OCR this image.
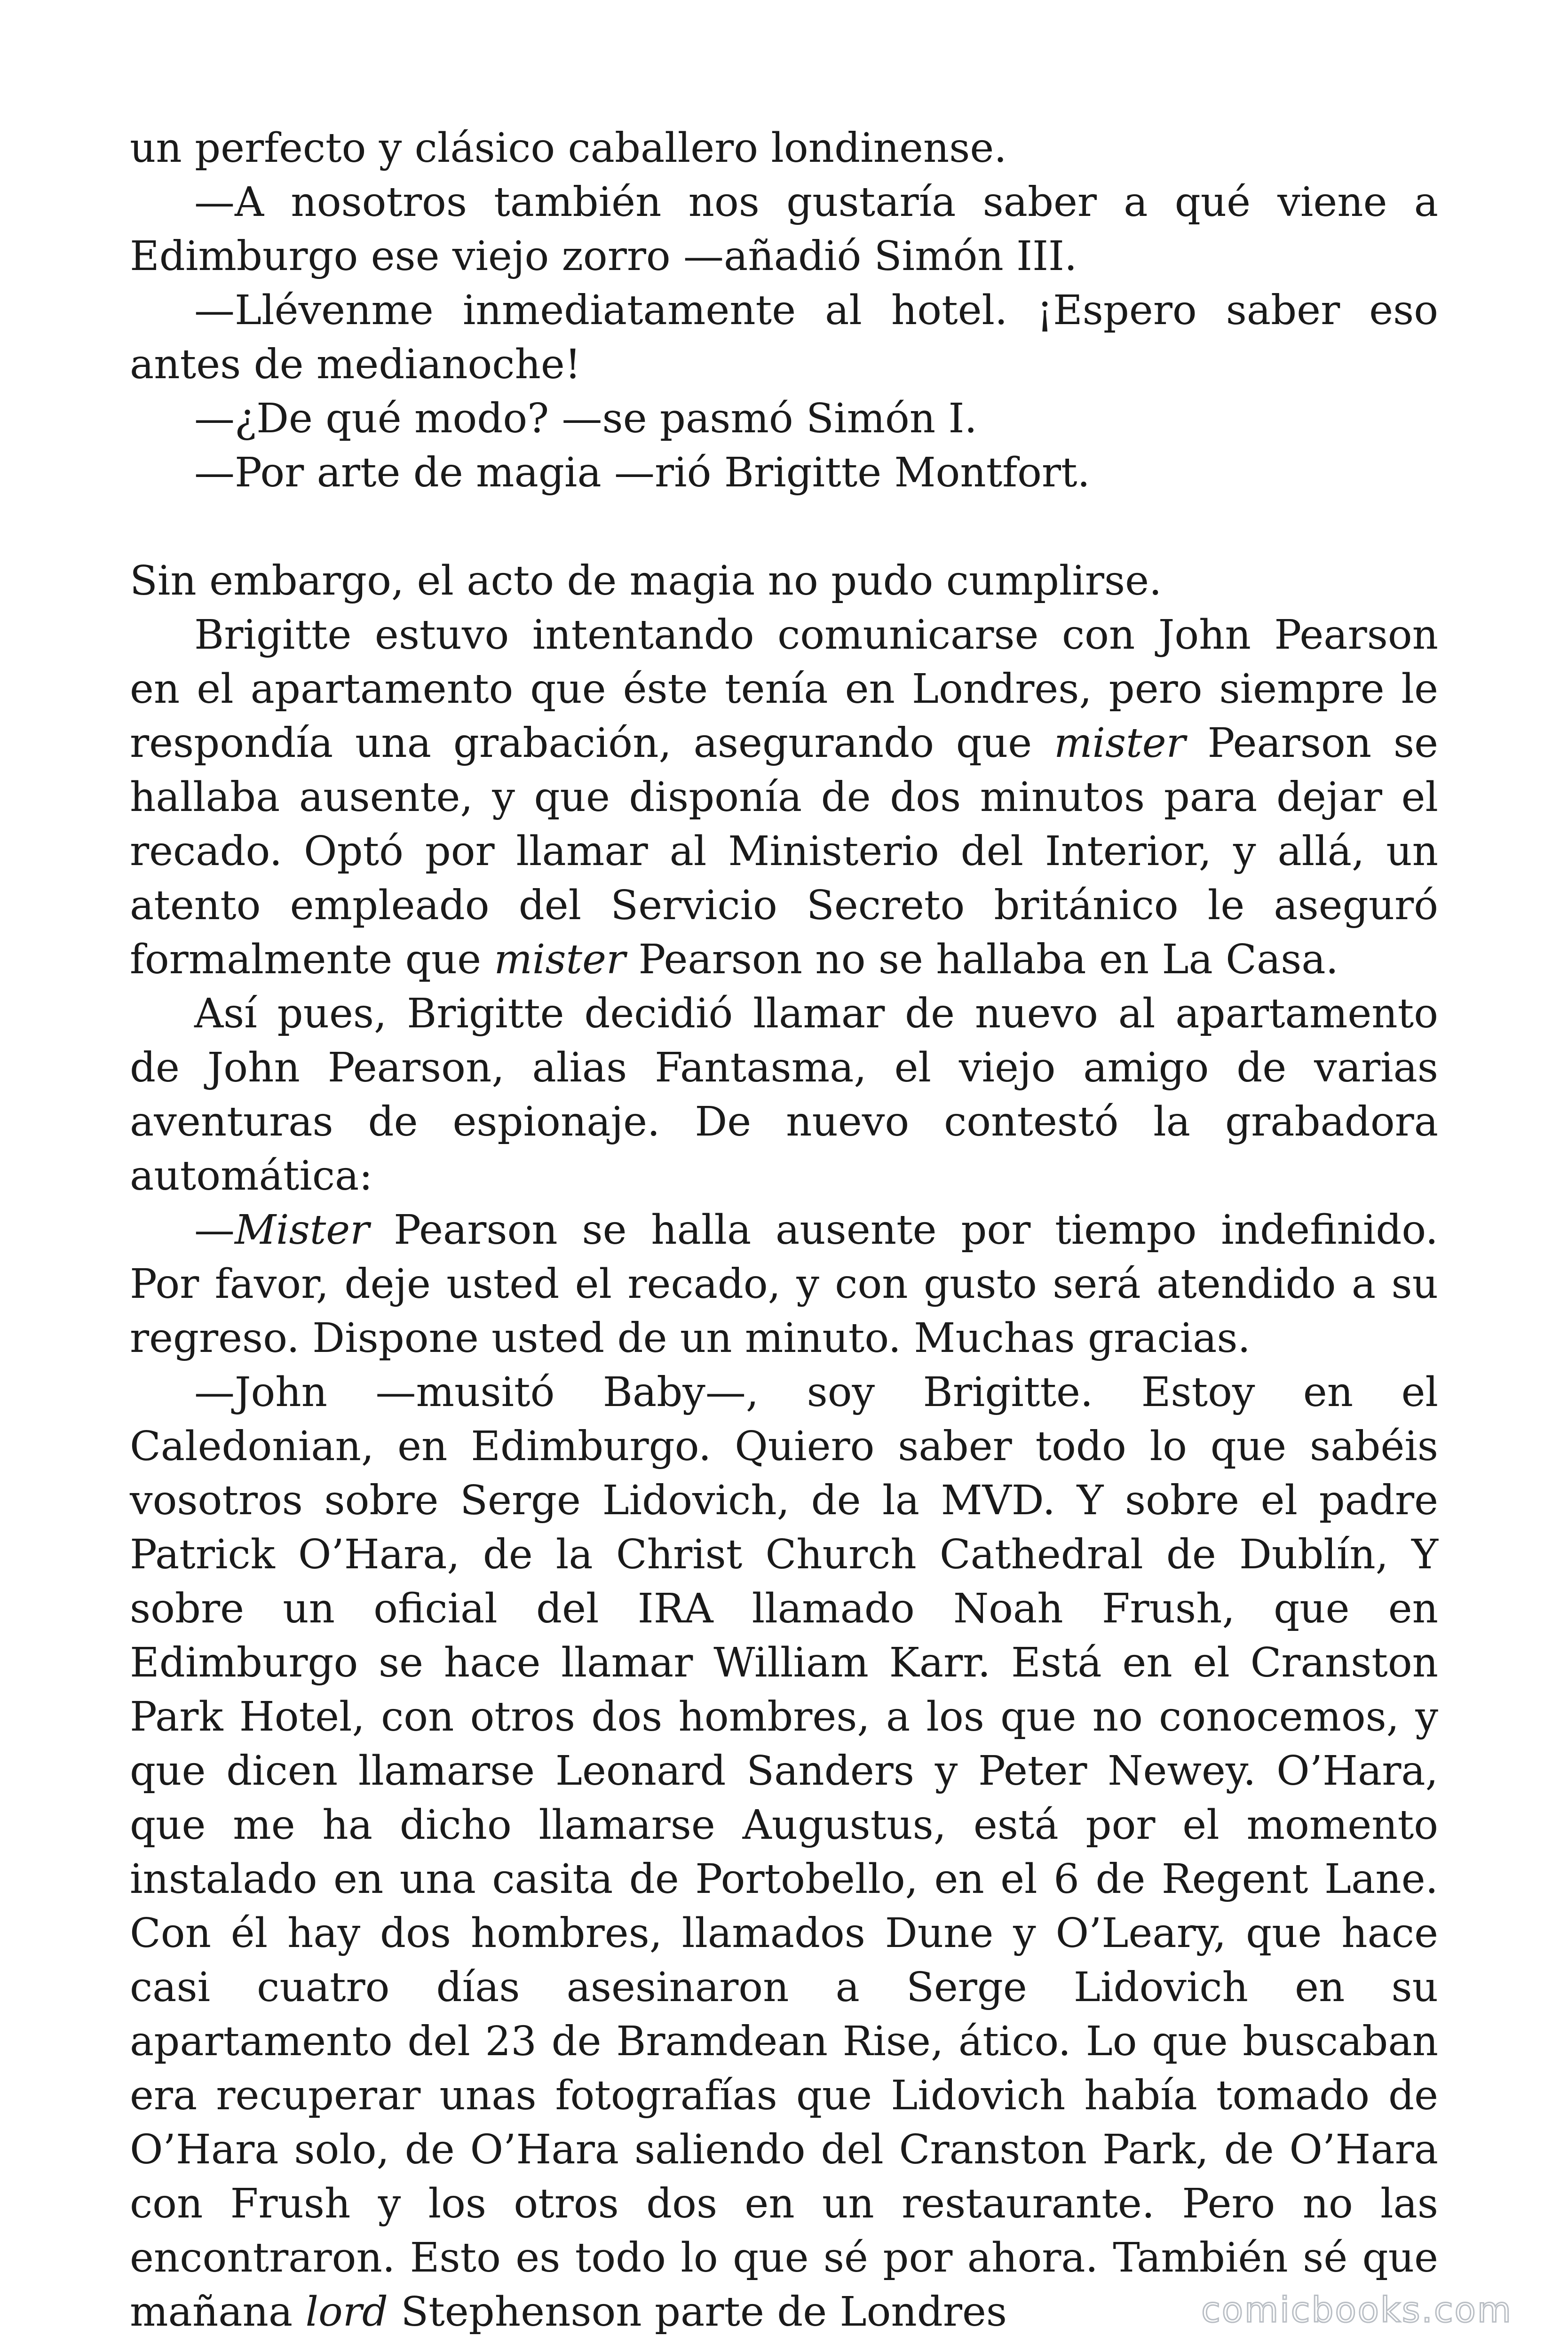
un perfecto y clásico caballero londinense.

—A nosotros también nos gustaría saber a qué viene a Edimburgo ese viejo zorro —añadió Simón III.

—Llévenme inmediatamente al hotel. ¡Espero saber eso antes de medianoche!

—¿De qué modo? —se pasmó Simón I.

—Por arte de magia —rió Brigitte Montfort.

Sin embargo, el acto de magia no pudo cumplirse.

Brigitte estuvo intentando comunicarse con John Pearson en el apartamento que éste tenía en Londres, pero siempre le respondía una grabación, asegurando que mister Pearson se hallaba ausente, y que disponía de dos minutos para dejar el recado. Optó por llamar al Ministerio del Interior, y allá, un atento empleado del Servicio Secreto británico le aseguró formalmente que mister Pearson no se hallaba en La Casa.

Así pues, Brigitte decidió llamar de nuevo al apartamento de John Pearson, alias Fantasma, el viejo amigo de varias aventuras de espionaje. De nuevo contestó la grabadora automática:

—Mister Pearson se halla ausente por tiempo indefinido. Por favor, deje usted el recado, y con gusto será atendido a su regreso. Dispone usted de un minuto. Muchas gracias.

—John —musitó Baby—, soy Brigitte. Estoy en el Caledonian, en Edimburgo. Quiero saber todo lo que sabéis vosotros sobre Serge Lidovich, de la MVD. Y sobre el padre Patrick O’Hara, de la Christ Church Cathedral de Dublín, Y sobre un oficial del IRA llamado Noah Frush, que en Edimburgo se hace llamar William Karr. Está en el Cranston Park Hotel, con otros dos hombres, a los que no conocemos, y que dicen llamarse Leonard Sanders y Peter Newey. O’Hara, que me ha dicho llamarse Augustus, está por el momento instalado en una casita de Portobello, en el 6 de Regent Lane. Con él hay dos hombres, llamados Dune y O’Leary, que hace casi cuatro días asesinaron a Serge Lidovich en su apartamento del 23 de Bramdean Rise, ático. Lo que buscaban era recuperar unas fotografías que Lidovich había tomado de O’Hara solo, de O’Hara saliendo del Cranston Park, de O’Hara con Frush y los otros dos en un restaurante. Pero no las encontraron. Esto es todo lo que sé por ahora. También sé que mañana lord Stephenson parte de Londres	comicbooks.com
